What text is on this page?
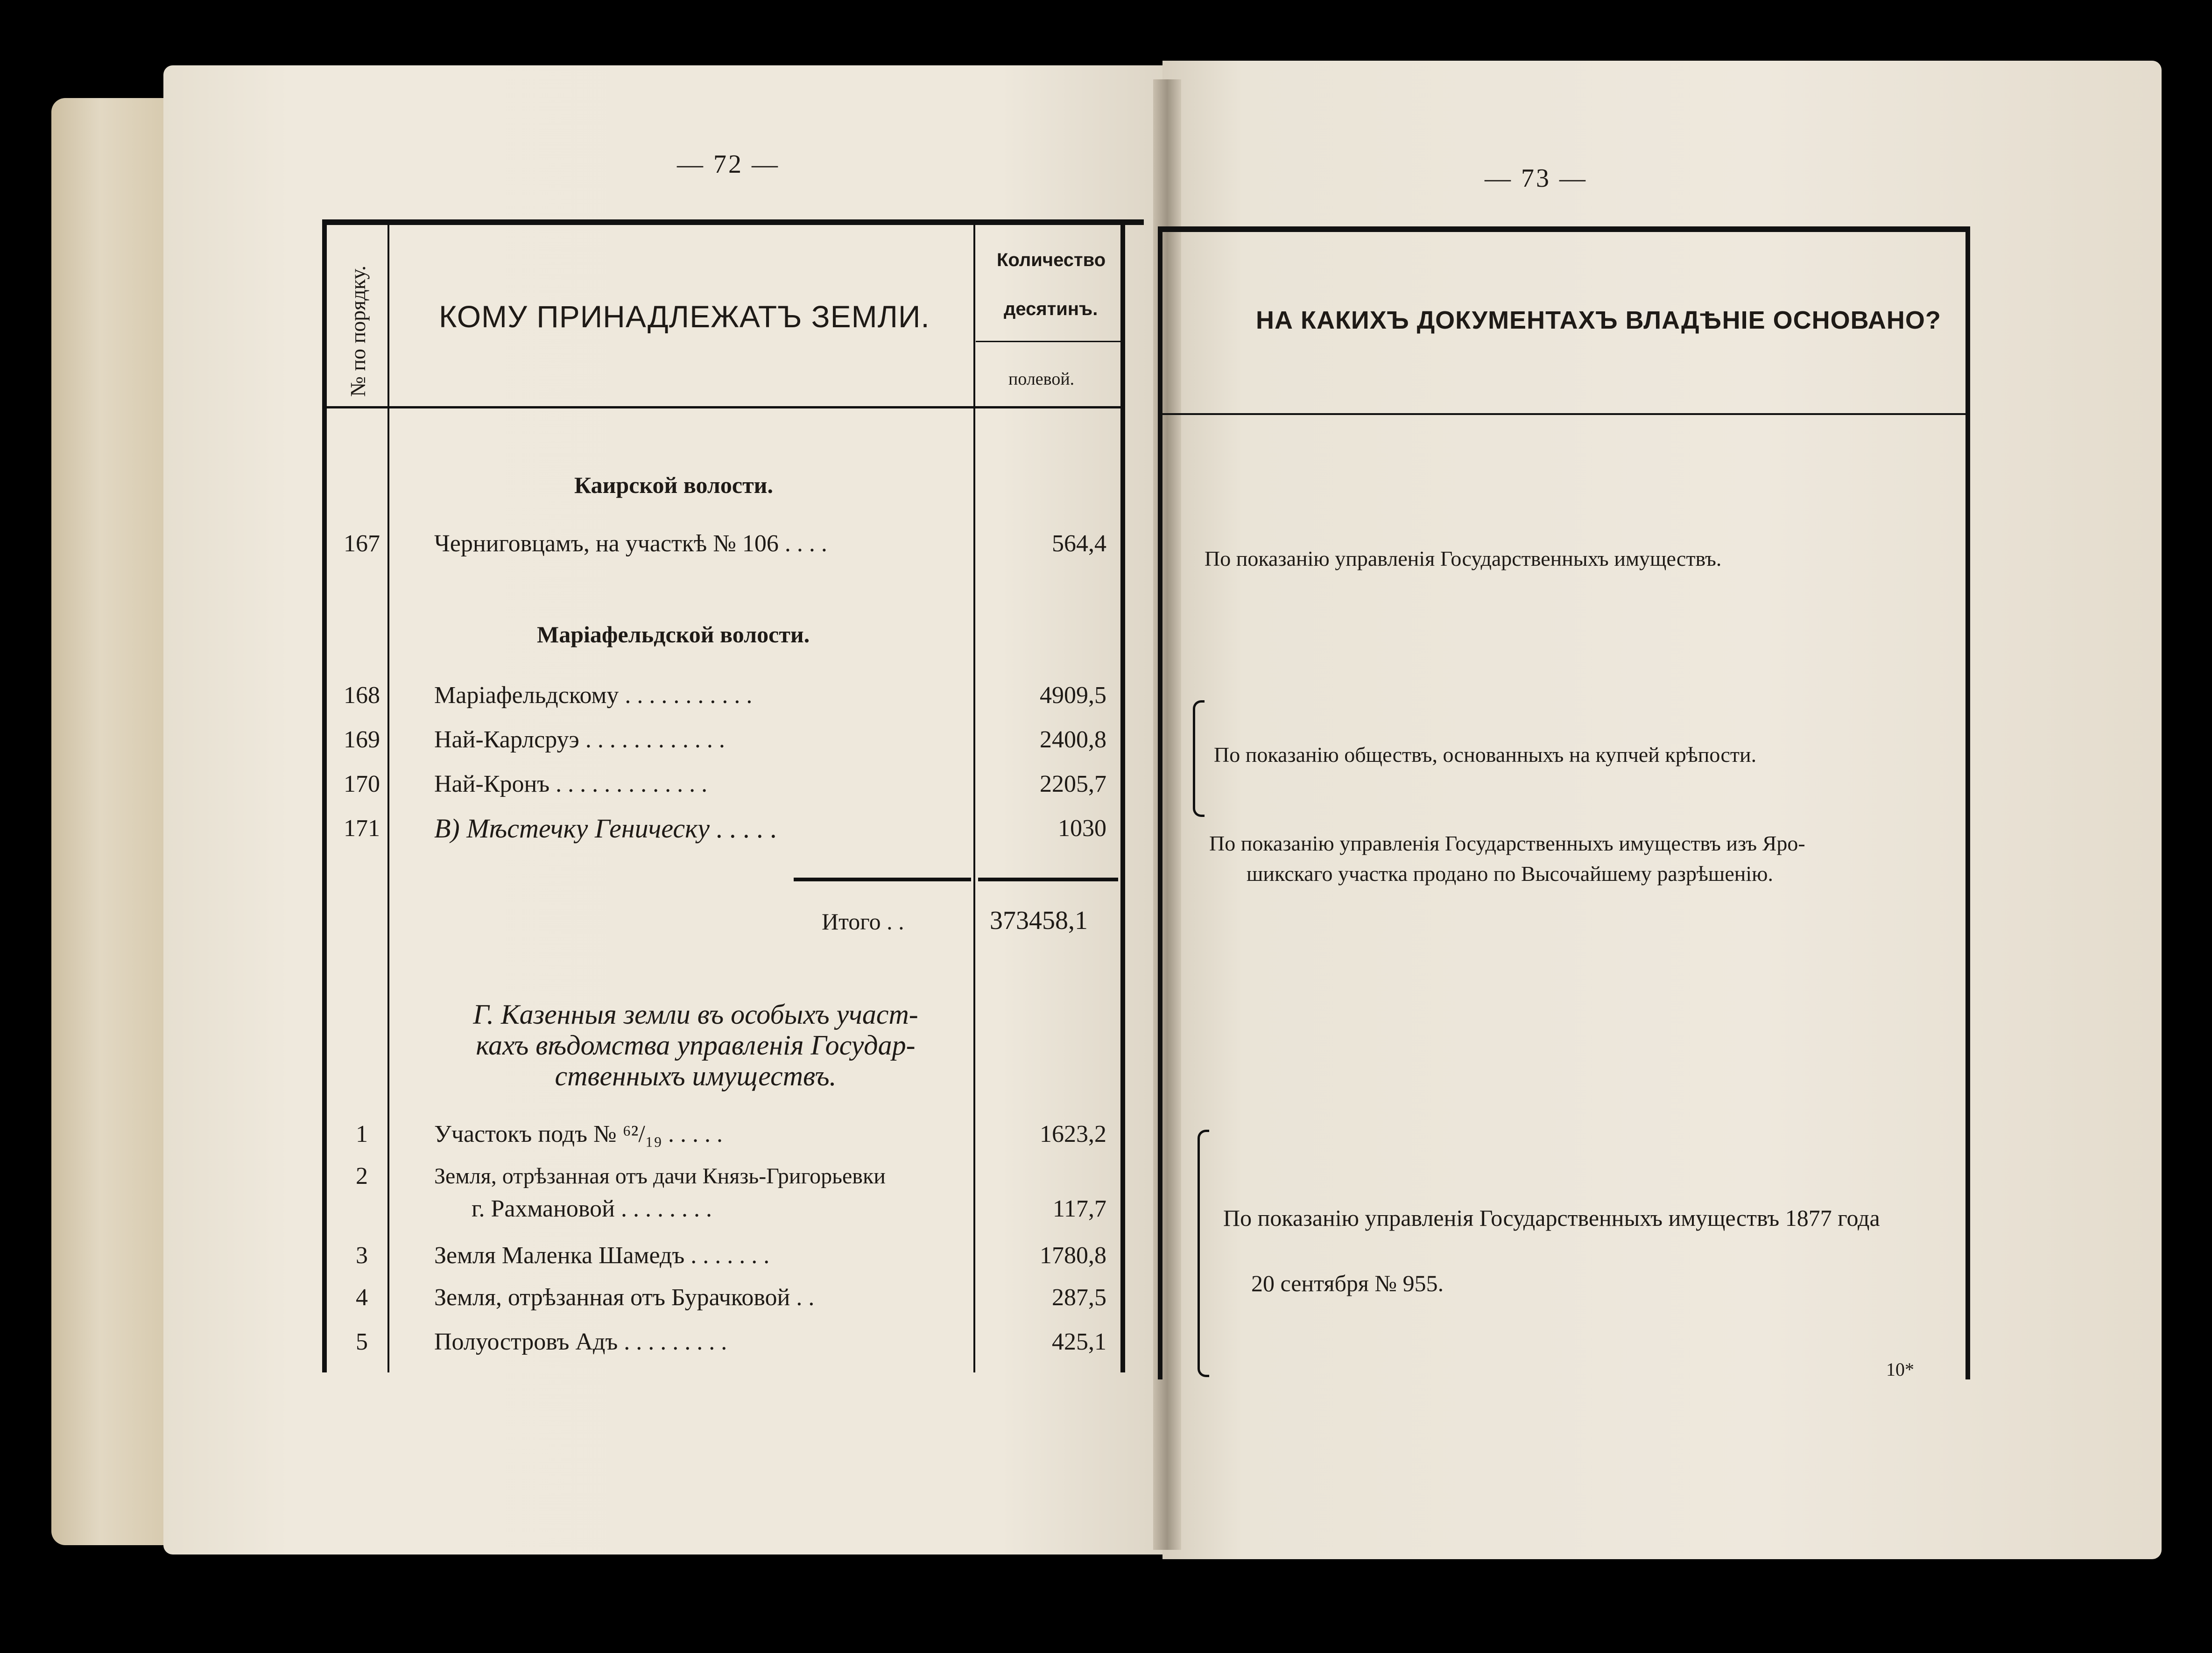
— 72 —
№ по порядку. КОМУ ПРИНАДЛЕЖАТЪ ЗЕМЛИ.
Количество
десятинъ.
полевой.
Каирской волости.
167	Черниговцамъ, на участкѣ № 106 . . . .	564,4
Маріафельдской волости.
168	Маріафельдскому . . . . . . . . . . .	4909,5
169	Най-Карлсруэ . . . . . . . . . . . .	2400,8
170	Най-Кронъ . . . . . . . . . . . . .	2205,7
171	В) Мѣстечку Геническу . . . . .	1030
Итого . .	373458,1
Г. Казенныя земли въ особыхъ участ-
кахъ вѣдомства управленія Государ-
ственныхъ имуществъ.
1	Участокъ подъ № ⁶²/₁₉ . . . . .	1623,2
2	Земля, отрѣзанная отъ дачи Князь-Григорьевки
г. Рахмановой . . . . . . . .	117,7
3	Земля Маленка Шамедъ . . . . . . .	1780,8
4	Земля, отрѣзанная отъ Бурачковой . .	287,5
5	Полуостровъ Адъ . . . . . . . . .	425,1
— 73 —
НА КАКИХЪ ДОКУМЕНТАХЪ ВЛАДѢНІЕ ОСНОВАНО?
По показанію управленія Государственныхъ имуществъ.
По показанію обществъ, основанныхъ на купчей крѣпости.
По показанію управленія Государственныхъ имуществъ изъ Яро-
шикскаго участка продано по Высочайшему разрѣшенію.
По показанію управленія Государственныхъ имуществъ 1877 года
20 сентября № 955.
10*
